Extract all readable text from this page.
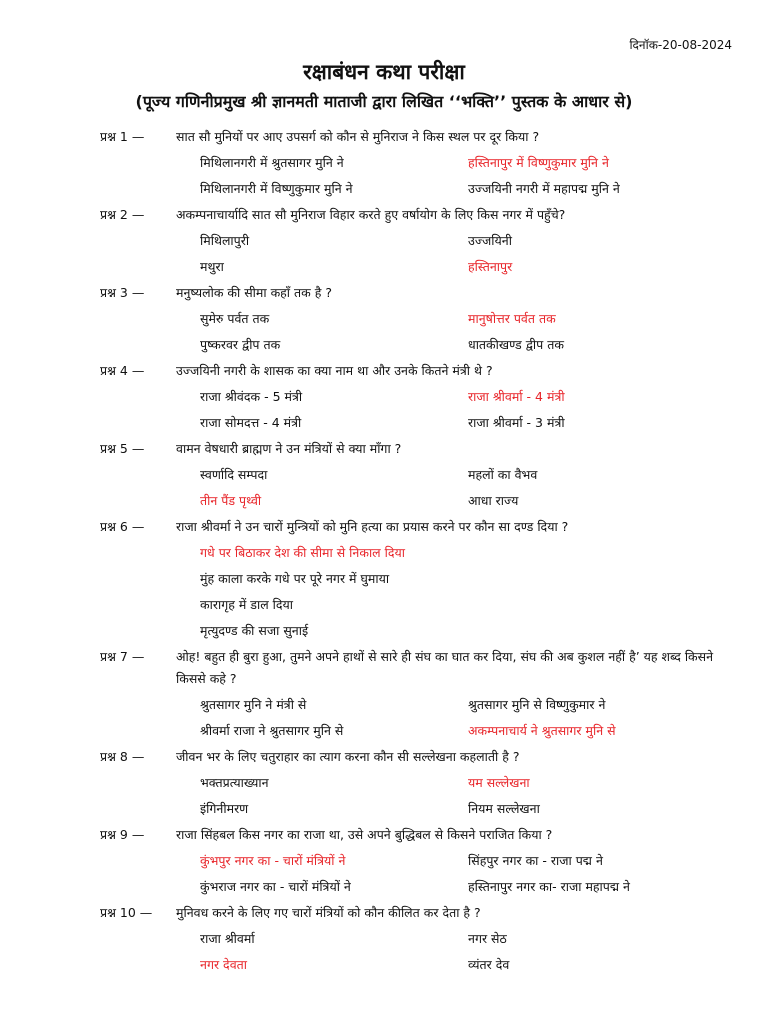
दिनॉक-20-08-2024
रक्षाबंधन कथा परीक्षा
(पूज्य गणिनीप्रमुख श्री ज्ञानमती माताजी द्वारा लिखित ‘‘भक्ति’’ पुस्तक के आधार से)
प्रश्न 1 —	सात सौ मुनियों पर आए उपसर्ग को कौन से मुनिराज ने किस स्थल पर दूर किया ?
मिथिलानगरी में श्रुतसागर मुनि ने	हस्तिनापुर में विष्णुकुमार मुनि ने
मिथिलानगरी में विष्णुकुमार मुनि ने	उज्जयिनी नगरी में महापद्म मुनि ने
प्रश्न 2 —	अकम्पनाचार्यादि सात सौ मुनिराज विहार करते हुए वर्षायोग के लिए किस नगर में पहुँचे?
मिथिलापुरी	उज्जयिनी
मथुरा	हस्तिनापुर
प्रश्न 3 —	मनुष्यलोक की सीमा कहाँ तक है ?
सुमेरु पर्वत तक	मानुषोत्तर पर्वत तक
पुष्करवर द्वीप तक	धातकीखण्ड द्वीप तक
प्रश्न 4 —	उज्जयिनी नगरी के शासक का क्या नाम था और उनके कितने मंत्री थे ?
राजा श्रीवंदक - 5 मंत्री	राजा श्रीवर्मा - 4 मंत्री
राजा सोमदत्त - 4 मंत्री	राजा श्रीवर्मा - 3 मंत्री
प्रश्न 5 —	वामन वेषधारी ब्राह्मण ने उन मंत्रियों से क्या माँगा ?
स्वर्णादि सम्पदा	महलों का वैभव
तीन पैंड पृथ्वी	आधा राज्य
प्रश्न 6 —	राजा श्रीवर्मा ने उन चारों मुन्त्रियों को मुनि हत्या का प्रयास करने पर कौन सा दण्ड दिया ?
गधे पर बिठाकर देश की सीमा से निकाल दिया
मुंह काला करके गधे पर पूरे नगर में घुमाया
कारागृह में डाल दिया
मृत्युदण्ड की सजा सुनाई
प्रश्न 7 —	ओह! बहुत ही बुरा हुआ, तुमने अपने हाथों से सारे ही संघ का घात कर दिया, संघ की अब कुशल नहीं है’ यह शब्द किसने किससे कहे ?
श्रुतसागर मुनि ने मंत्री से	श्रुतसागर मुनि से विष्णुकुमार ने
श्रीवर्मा राजा ने श्रुतसागर मुनि से	अकम्पनाचार्य ने श्रुतसागर मुनि से
प्रश्न 8 —	जीवन भर के लिए चतुराहार का त्याग करना कौन सी सल्लेखना कहलाती है ?
भक्तप्रत्याख्यान	यम सल्लेखना
इंगिनीमरण	नियम सल्लेखना
प्रश्न 9 —	राजा सिंहबल किस नगर का राजा था, उसे अपने बुद्धिबल से किसने पराजित किया ?
कुंभपुर नगर का - चारों मंत्रियों ने	सिंहपुर नगर का - राजा पद्म ने
कुंभराज नगर का - चारों मंत्रियों ने	हस्तिनापुर नगर का- राजा महापद्म ने
प्रश्न 10 —	मुनिवध करने के लिए गए चारों मंत्रियों को कौन कीलित कर देता है ?
राजा श्रीवर्मा	नगर सेठ
नगर देवता	व्यंतर देव
